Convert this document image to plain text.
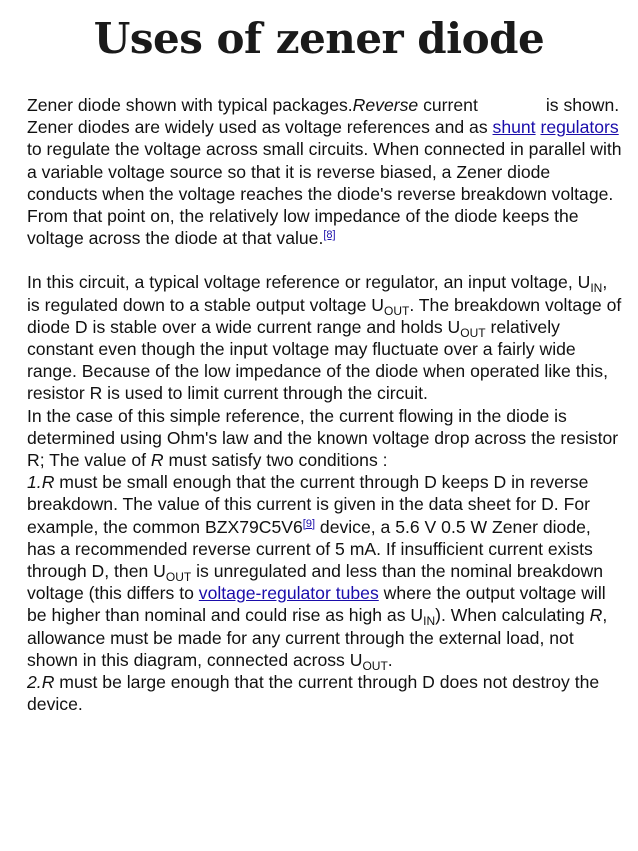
Uses of zener diode

Zener diode shown with typical packages.Reverse current	is shown.

Zener diodes are widely used as voltage references and as shunt regulators to regulate the voltage across small circuits. When connected in parallel with a variable voltage source so that it is reverse biased, a Zener diode conducts when the voltage reaches the diode's reverse breakdown voltage. From that point on, the relatively low impedance of the diode keeps the voltage across the diode at that value.[8]

In this circuit, a typical voltage reference or regulator, an input voltage, $U_{IN}$, is regulated down to a stable output voltage $U_{OUT}$. The breakdown voltage of diode D is stable over a wide current range and holds $U_{OUT}$ relatively constant even though the input voltage may fluctuate over a fairly wide range. Because of the low impedance of the diode when operated like this, resistor R is used to limit current through the circuit.

In the case of this simple reference, the current flowing in the diode is determined using Ohm's law and the known voltage drop across the resistor R; The value of R must satisfy two conditions :

1.R must be small enough that the current through D keeps D in reverse breakdown. The value of this current is given in the data sheet for D. For example, the common BZX79C5V6[9] device, a 5.6 V 0.5 W Zener diode, has a recommended reverse current of 5 mA. If insufficient current exists through D, then $U_{OUT}$ is unregulated and less than the nominal breakdown voltage (this differs to voltage-regulator tubes where the output voltage will be higher than nominal and could rise as high as $U_{IN}$). When calculating R, allowance must be made for any current through the external load, not shown in this diagram, connected across $U_{OUT}$.

2.R must be large enough that the current through D does not destroy the device.
